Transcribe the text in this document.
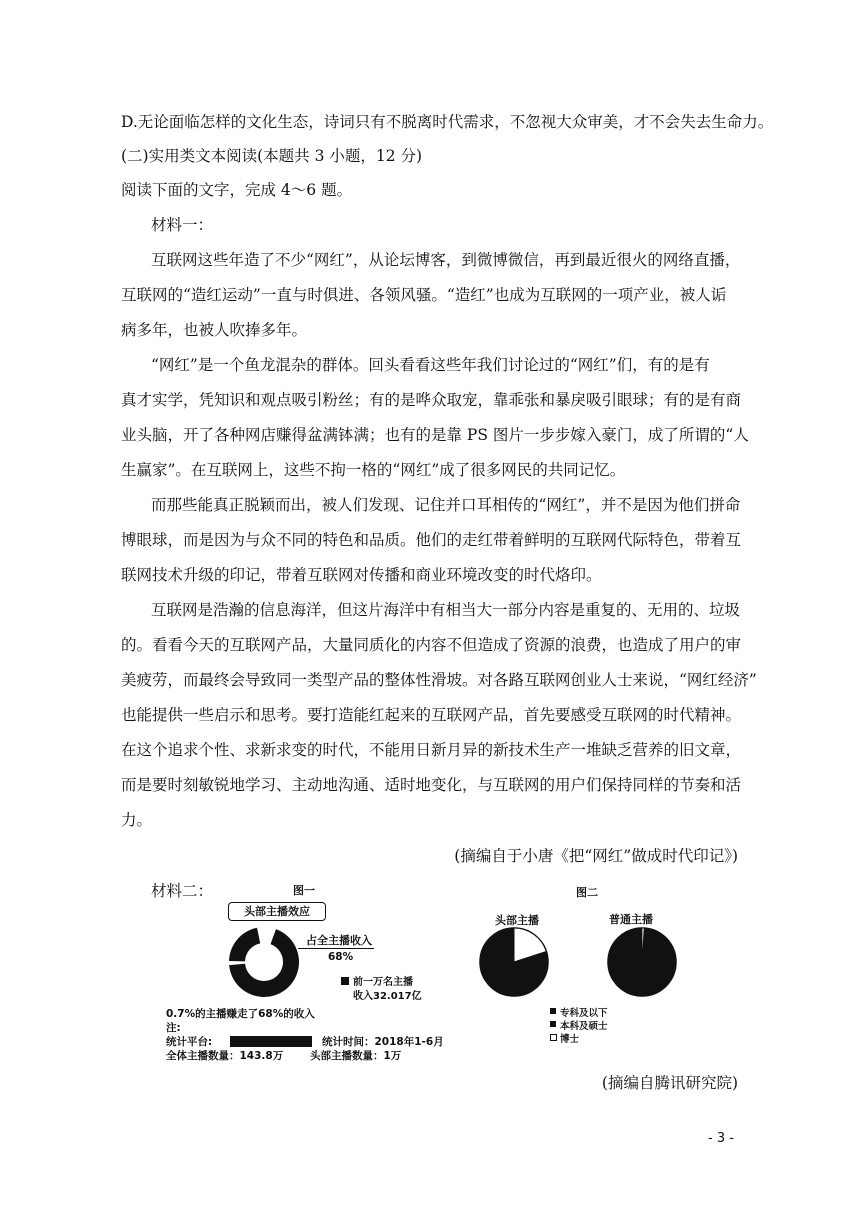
D.无论面临怎样的文化生态，诗词只有不脱离时代需求，不忽视大众审美，才不会失去生命力。
(二)实用类文本阅读(本题共 3 小题，12 分)
阅读下面的文字，完成 4～6 题。
材料一：
互联网这些年造了不少“网红”，从论坛博客，到微博微信，再到最近很火的网络直播，
互联网的“造红运动”一直与时俱进、各领风骚。“造红”也成为互联网的一项产业，被人诟
病多年，也被人吹捧多年。
“网红”是一个鱼龙混杂的群体。回头看看这些年我们讨论过的“网红”们，有的是有
真才实学，凭知识和观点吸引粉丝；有的是哗众取宠，靠乖张和暴戾吸引眼球；有的是有商
业头脑，开了各种网店赚得盆满钵满；也有的是靠 PS 图片一步步嫁入豪门，成了所谓的“人
生赢家”。在互联网上，这些不拘一格的“网红”成了很多网民的共同记忆。
而那些能真正脱颖而出，被人们发现、记住并口耳相传的“网红”，并不是因为他们拼命
博眼球，而是因为与众不同的特色和品质。他们的走红带着鲜明的互联网代际特色，带着互
联网技术升级的印记，带着互联网对传播和商业环境改变的时代烙印。
互联网是浩瀚的信息海洋，但这片海洋中有相当大一部分内容是重复的、无用的、垃圾
的。看看今天的互联网产品，大量同质化的内容不但造成了资源的浪费，也造成了用户的审
美疲劳，而最终会导致同一类型产品的整体性滑坡。对各路互联网创业人士来说，“网红经济”
也能提供一些启示和思考。要打造能红起来的互联网产品，首先要感受互联网的时代精神。
在这个追求个性、求新求变的时代，不能用日新月异的新技术生产一堆缺乏营养的旧文章，
而是要时刻敏锐地学习、主动地沟通、适时地变化，与互联网的用户们保持同样的节奏和活
力。
(摘编自于小唐《把“网红”做成时代印记》)
材料二：	图一
头部主播效应
占全主播收入
68%
前一万名主播
收入32.017亿
0.7%的主播赚走了68%的收入
注:
统计平台:	统计时间：2018年1-6月
全体主播数量：143.8万	头部主播数量：1万
图二
头部主播	普通主播
专科及以下
本科及硕士
博士
(摘编自腾讯研究院)
- 3 -
